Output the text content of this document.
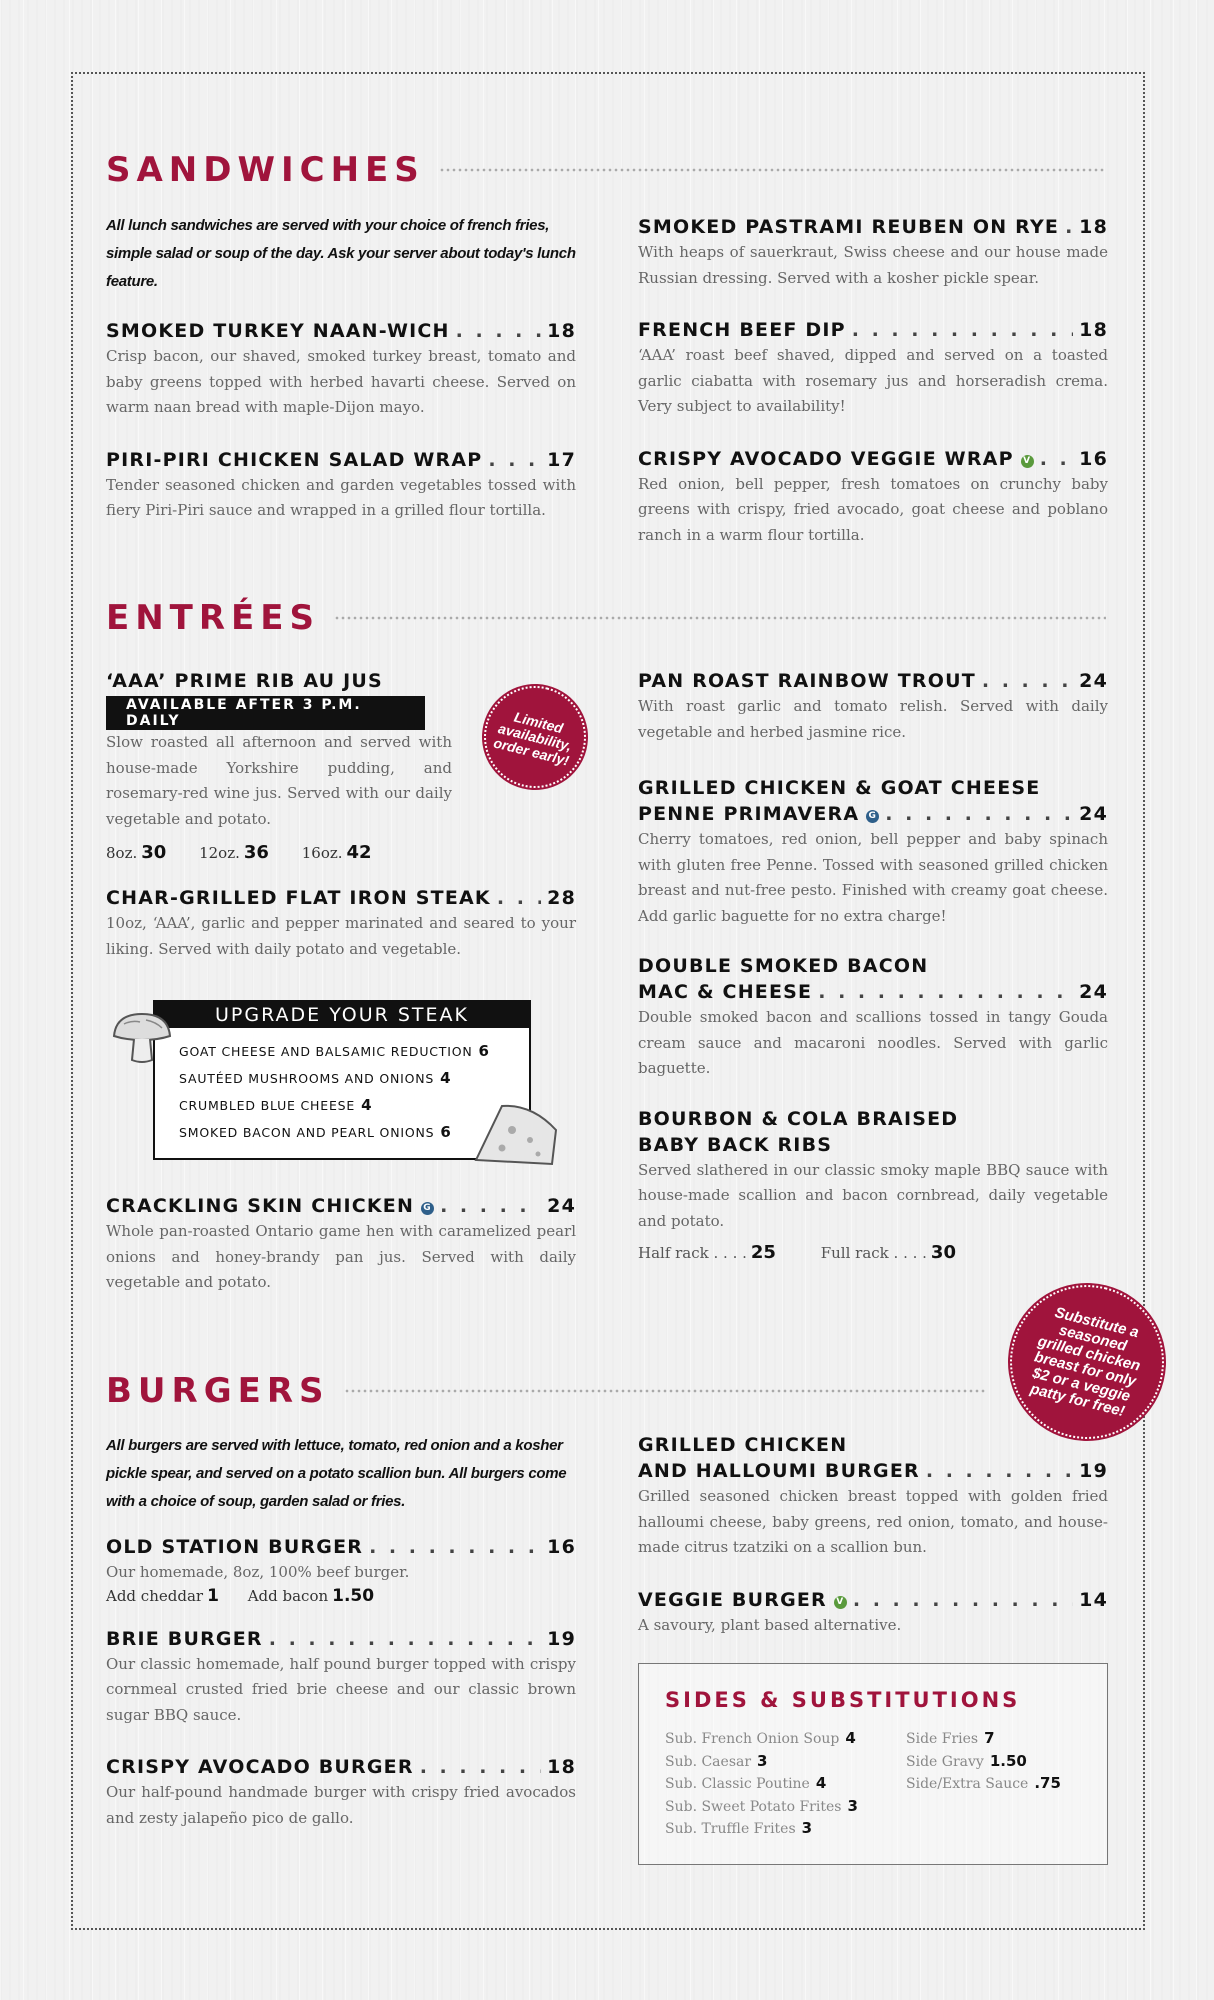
SANDWICHES
All lunch sandwiches are served with your choice of french fries, simple salad or soup of the day. Ask your server about today's lunch feature.
SMOKED TURKEY NAAN-WICH . . .	18
Crisp bacon, our shaved, smoked turkey breast, tomato and baby greens topped with herbed havarti cheese. Served on warm naan bread with maple-Dijon mayo.
PIRI-PIRI CHICKEN SALAD WRAP . . .	17
Tender seasoned chicken and garden vegetables tossed with fiery Piri-Piri sauce and wrapped in a grilled flour tortilla.
SMOKED PASTRAMI REUBEN ON RYE . . . 18
With heaps of sauerkraut, Swiss cheese and our house made Russian dressing. Served with a kosher pickle spear.
FRENCH BEEF DIP . . .	18
‘AAA’ roast beef shaved, dipped and served on a toasted garlic ciabatta with rosemary jus and horseradish crema. Very subject to availability!
CRISPY AVOCADO VEGGIE WRAP V . . .	16
Red onion, bell pepper, fresh tomatoes on crunchy baby greens with crispy, fried avocado, goat cheese and poblano ranch in a warm flour tortilla.
ENTRÉES
‘AAA’ PRIME RIB AU JUS
AVAILABLE AFTER 3 P.M. DAILY
Slow roasted all afternoon and served with house-made Yorkshire pudding, and rosemary-red wine jus. Served with our daily vegetable and potato.
8oz. 30 12oz. 36 16oz. 42
CHAR-GRILLED FLAT IRON STEAK . . .	28
10oz, ‘AAA’, garlic and pepper marinated and seared to your liking. Served with daily potato and vegetable.
Limited availability, order early!
UPGRADE YOUR STEAK
GOAT CHEESE AND BALSAMIC REDUCTION 6
SAUTÉED MUSHROOMS AND ONIONS 4
CRUMBLED BLUE CHEESE 4
SMOKED BACON AND PEARL ONIONS 6
CRACKLING SKIN CHICKEN G . . .	24
Whole pan-roasted Ontario game hen with caramelized pearl onions and honey-brandy pan jus. Served with daily vegetable and potato.
PAN ROAST RAINBOW TROUT . . .	24
With roast garlic and tomato relish. Served with daily vegetable and herbed jasmine rice.
GRILLED CHICKEN & GOAT CHEESE
PENNE PRIMAVERA G . . .	24
Cherry tomatoes, red onion, bell pepper and baby spinach with gluten free Penne. Tossed with seasoned grilled chicken breast and nut-free pesto. Finished with creamy goat cheese. Add garlic baguette for no extra charge!
DOUBLE SMOKED BACON
MAC & CHEESE . . .	24
Double smoked bacon and scallions tossed in tangy Gouda cream sauce and macaroni noodles. Served with garlic baguette.
BOURBON & COLA BRAISED
BABY BACK RIBS
Served slathered in our classic smoky maple BBQ sauce with house-made scallion and bacon cornbread, daily vegetable and potato.
Half rack . . . . 25	Full rack . . . . 30
BURGERS
Substitute a seasoned grilled chicken breast for only $2 or a veggie patty for free!
All burgers are served with lettuce, tomato, red onion and a kosher pickle spear, and served on a potato scallion bun. All burgers come with a choice of soup, garden salad or fries.
OLD STATION BURGER . . .	16
Our homemade, 8oz, 100% beef burger.
Add cheddar 1 Add bacon 1.50
BRIE BURGER . . .	19
Our classic homemade, half pound burger topped with crispy cornmeal crusted fried brie cheese and our classic brown sugar BBQ sauce.
CRISPY AVOCADO BURGER . . .	18
Our half-pound handmade burger with crispy fried avocados and zesty jalapeño pico de gallo.
GRILLED CHICKEN
AND HALLOUMI BURGER . . .	19
Grilled seasoned chicken breast topped with golden fried halloumi cheese, baby greens, red onion, tomato, and house-made citrus tzatziki on a scallion bun.
VEGGIE BURGER V . . .	14
A savoury, plant based alternative.
SIDES & SUBSTITUTIONS
Sub. French Onion Soup 4
Sub. Caesar 3
Sub. Classic Poutine 4
Sub. Sweet Potato Frites 3
Sub. Truffle Frites 3
Side Fries 7
Side Gravy 1.50
Side/Extra Sauce .75
